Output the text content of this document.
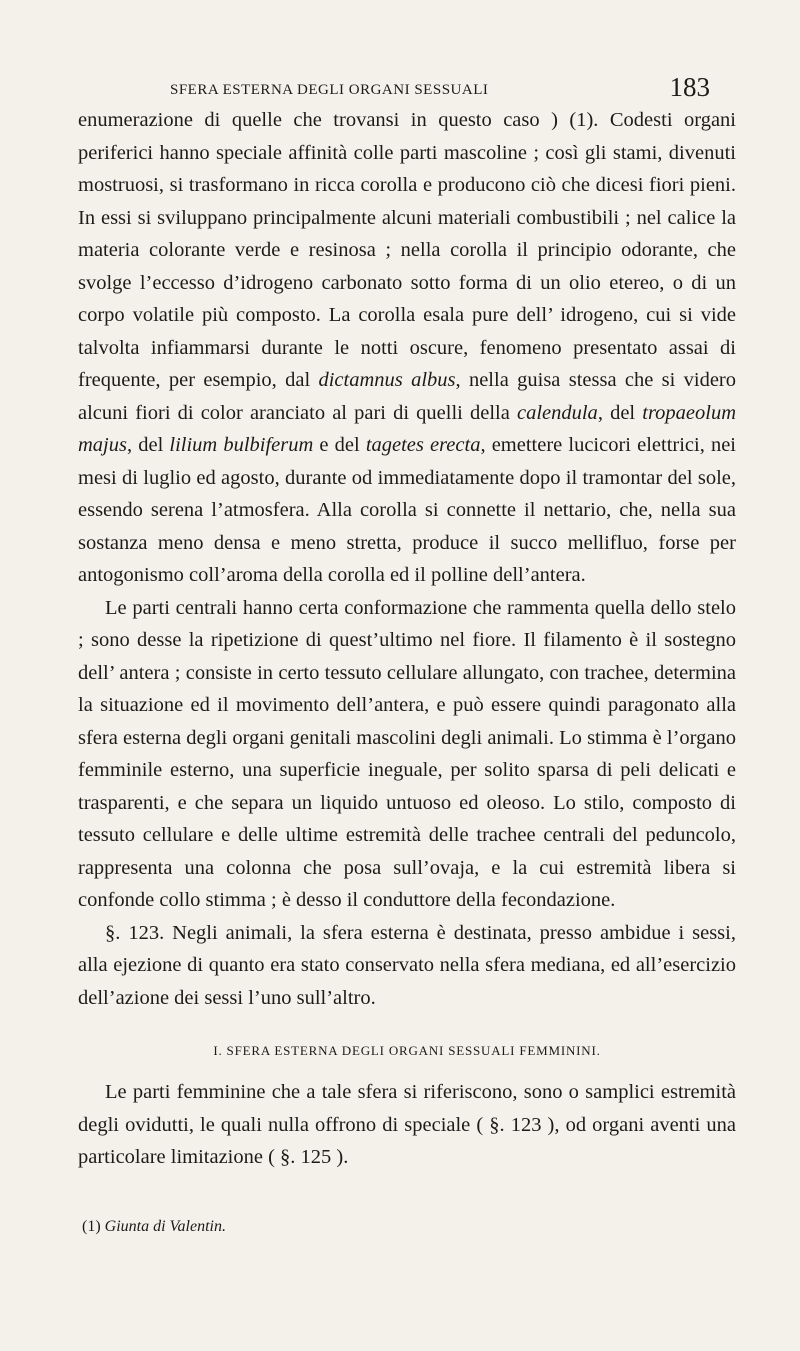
SFERA ESTERNA DEGLI ORGANI SESSUALI	183

enumerazione di quelle che trovansi in questo caso ) (1). Codesti organi periferici hanno speciale affinità colle parti mascoline ; così gli stami, divenuti mostruosi, si trasformano in ricca corolla e producono ciò che dicesi fiori pieni. In essi si sviluppano principalmente alcuni materiali combustibili ; nel calice la materia colorante verde e resinosa ; nella corolla il principio odorante, che svolge l’eccesso d’idrogeno carbonato sotto forma di un olio etereo, o di un corpo volatile più composto. La corolla esala pure dell’ idrogeno, cui si vide talvolta infiammarsi durante le notti oscure, fenomeno presentato assai di frequente, per esempio, dal dictamnus albus, nella guisa stessa che si videro alcuni fiori di color aranciato al pari di quelli della calendula, del tropaeolum majus, del lilium bulbiferum e del tagetes erecta, emettere lucicori elettrici, nei mesi di luglio ed agosto, durante od immediatamente dopo il tramontar del sole, essendo serena l’atmosfera. Alla corolla si connette il nettario, che, nella sua sostanza meno densa e meno stretta, produce il succo mellifluo, forse per antogonismo coll’aroma della corolla ed il polline dell’antera.

Le parti centrali hanno certa conformazione che rammenta quella dello stelo ; sono desse la ripetizione di quest’ultimo nel fiore. Il filamento è il sostegno dell’ antera ; consiste in certo tessuto cellulare allungato, con trachee, determina la situazione ed il movimento dell’antera, e può essere quindi paragonato alla sfera esterna degli organi genitali mascolini degli animali. Lo stimma è l’organo femminile esterno, una superficie ineguale, per solito sparsa di peli delicati e trasparenti, e che separa un liquido untuoso ed oleoso. Lo stilo, composto di tessuto cellulare e delle ultime estremità delle trachee centrali del peduncolo, rappresenta una colonna che posa sull’ovaja, e la cui estremità libera si confonde collo stimma ; è desso il conduttore della fecondazione.

§. 123. Negli animali, la sfera esterna è destinata, presso ambidue i sessi, alla ejezione di quanto era stato conservato nella sfera mediana, ed all’esercizio dell’azione dei sessi l’uno sull’altro.

I. SFERA ESTERNA DEGLI ORGANI SESSUALI FEMMININI.

Le parti femminine che a tale sfera si riferiscono, sono o samplici estremità degli ovidutti, le quali nulla offrono di speciale ( §. 123 ), od organi aventi una particolare limitazione ( §. 125 ).

(1) Giunta di Valentin.
